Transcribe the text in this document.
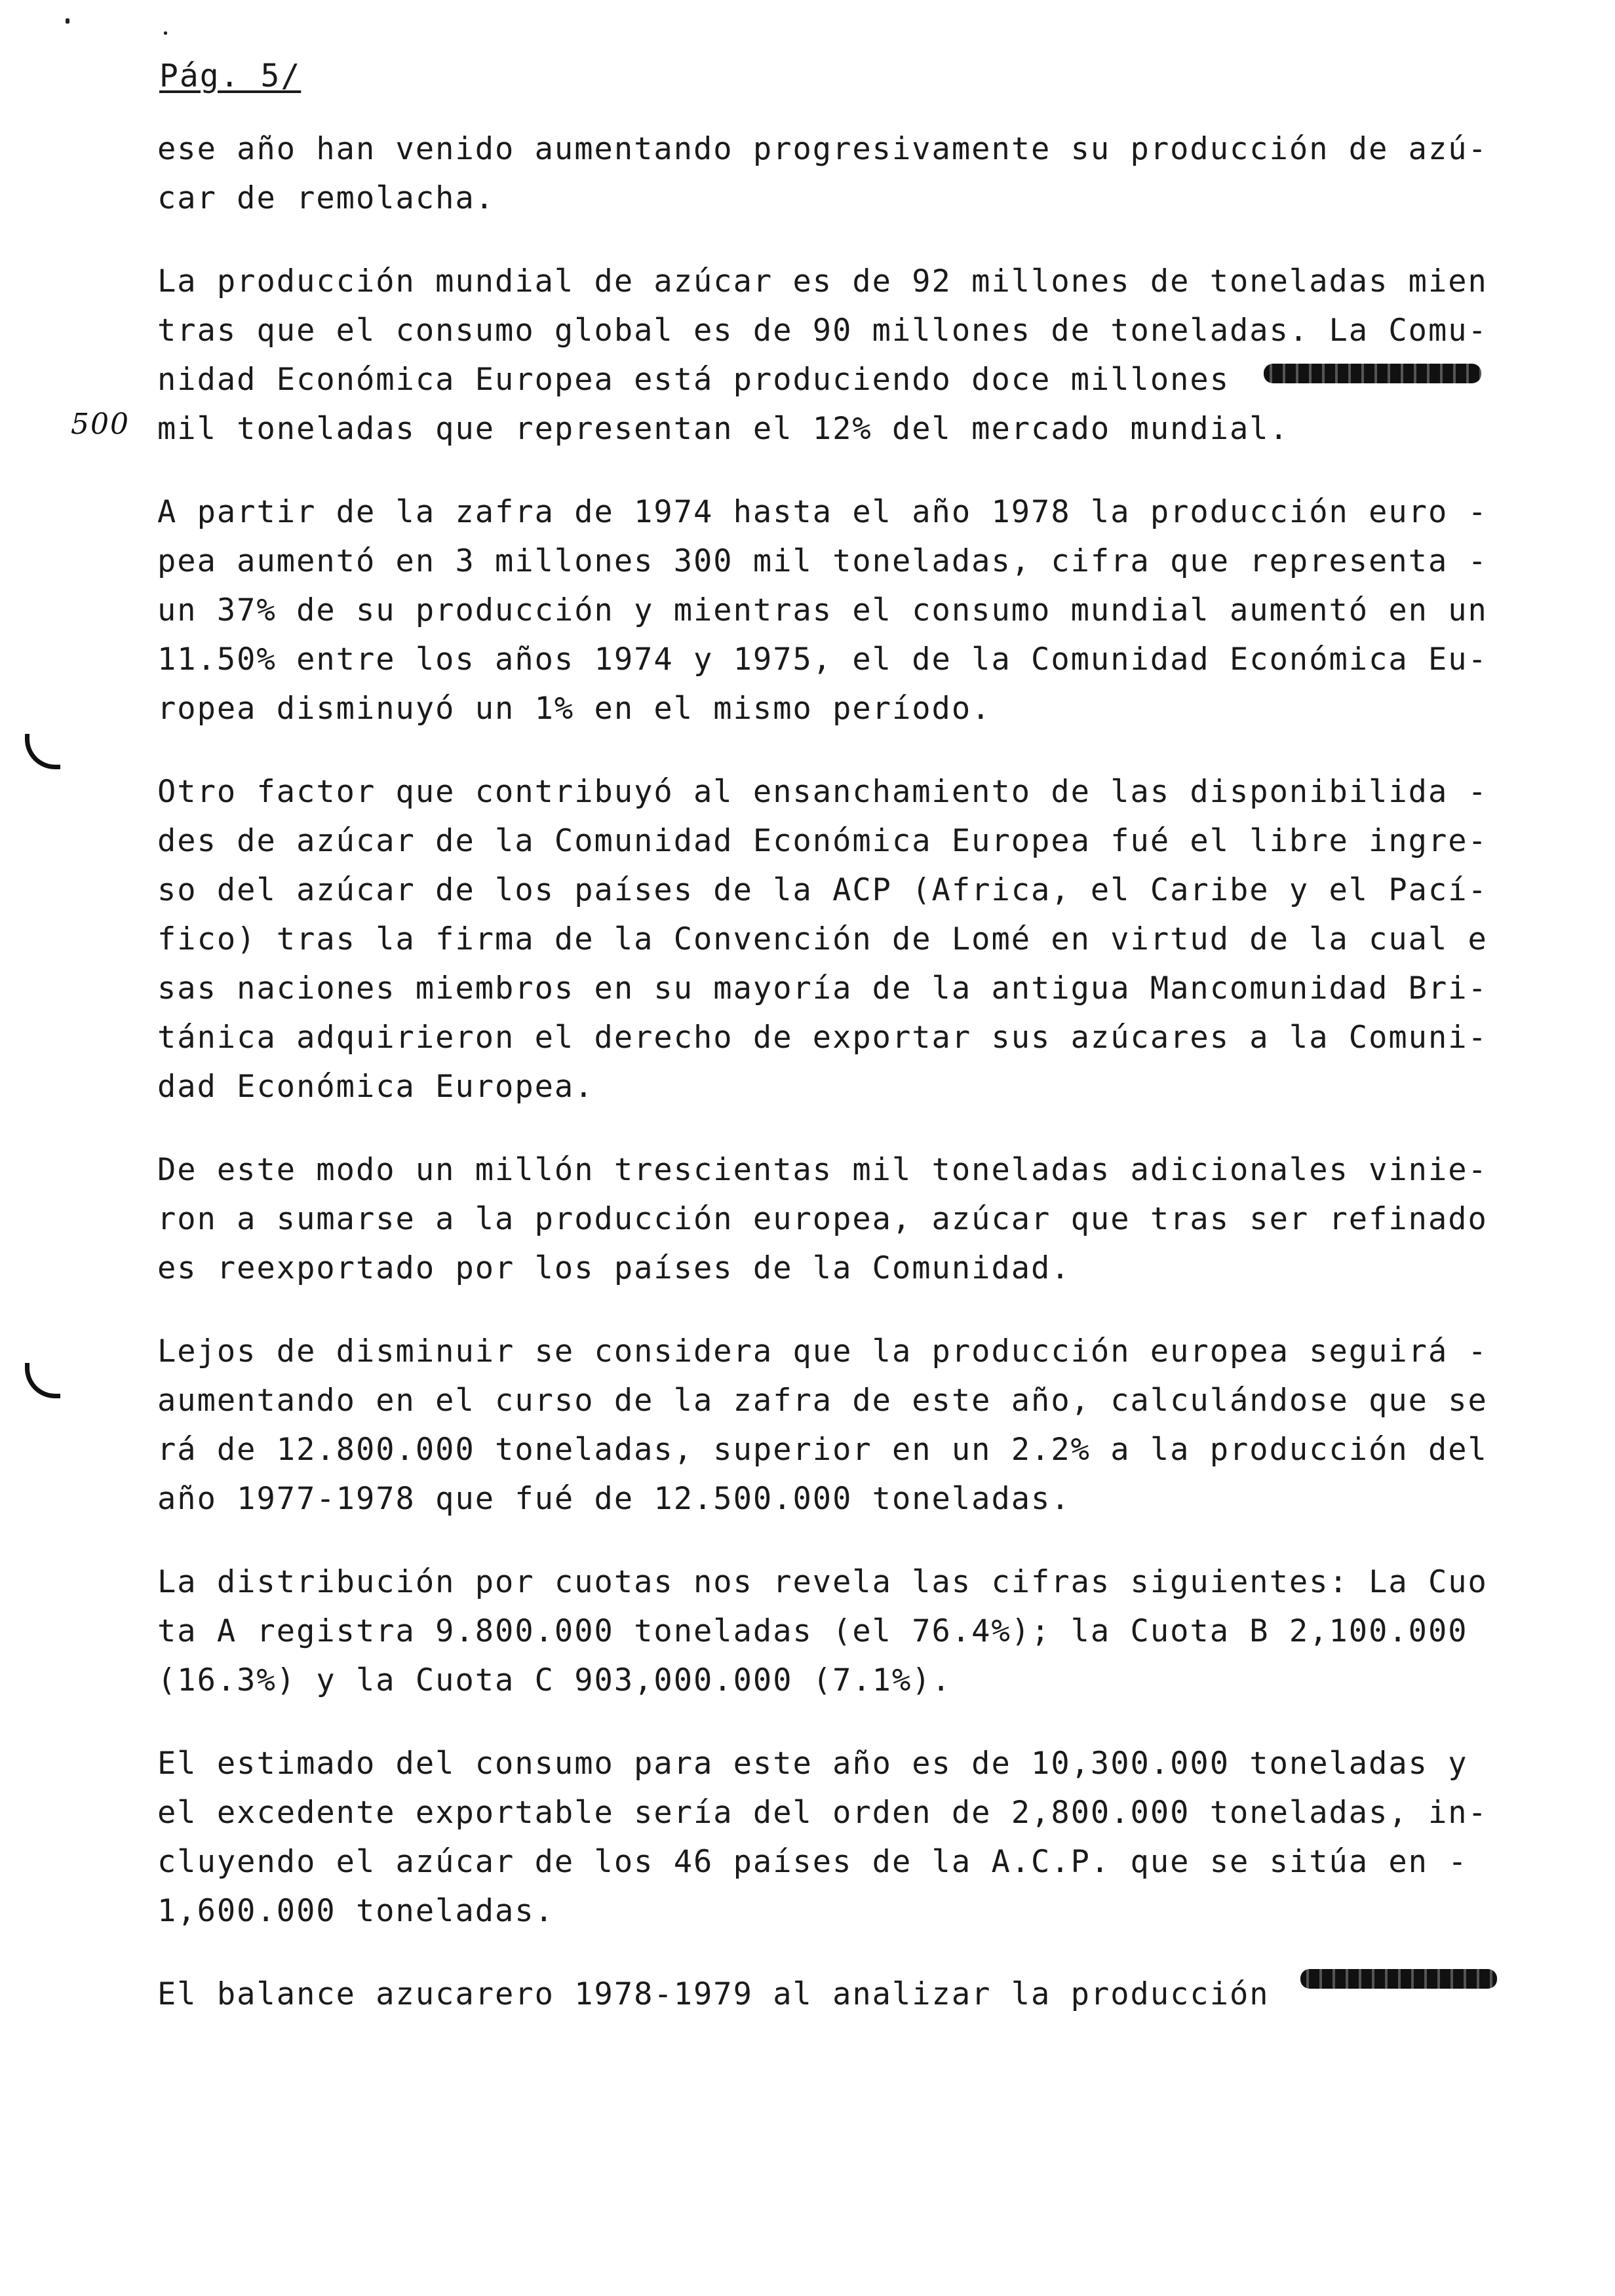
Pág. 5/
500

ese año han venido aumentando progresivamente su producción de azú-
car de remolacha.

La producción mundial de azúcar es de 92 millones de toneladas mien
tras que el consumo global es de 90 millones de toneladas. La Comu-
nidad Económica Europea está produciendo doce millones
mil toneladas que representan el 12% del mercado mundial.

A partir de la zafra de 1974 hasta el año 1978 la producción euro -
pea aumentó en 3 millones 300 mil toneladas, cifra que representa -
un 37% de su producción y mientras el consumo mundial aumentó en un
11.50% entre los años 1974 y 1975, el de la Comunidad Económica Eu-
ropea disminuyó un 1% en el mismo período.

Otro factor que contribuyó al ensanchamiento de las disponibilida -
des de azúcar de la Comunidad Económica Europea fué el libre ingre-
so del azúcar de los países de la ACP (Africa, el Caribe y el Pací-
fico) tras la firma de la Convención de Lomé en virtud de la cual e
sas naciones miembros en su mayoría de la antigua Mancomunidad Bri-
tánica adquirieron el derecho de exportar sus azúcares a la Comuni-
dad Económica Europea.

De este modo un millón trescientas mil toneladas adicionales vinie-
ron a sumarse a la producción europea, azúcar que tras ser refinado
es reexportado por los países de la Comunidad.

Lejos de disminuir se considera que la producción europea seguirá -
aumentando en el curso de la zafra de este año, calculándose que se
rá de 12.800.000 toneladas, superior en un 2.2% a la producción del
año 1977-1978 que fué de 12.500.000 toneladas.

La distribución por cuotas nos revela las cifras siguientes: La Cuo
ta A registra 9.800.000 toneladas (el 76.4%); la Cuota B 2,100.000
(16.3%) y la Cuota C 903,000.000 (7.1%).

El estimado del consumo para este año es de 10,300.000 toneladas y
el excedente exportable sería del orden de 2,800.000 toneladas, in-
cluyendo el azúcar de los 46 países de la A.C.P. que se sitúa en -
1,600.000 toneladas.

El balance azucarero 1978-1979 al analizar la producción
